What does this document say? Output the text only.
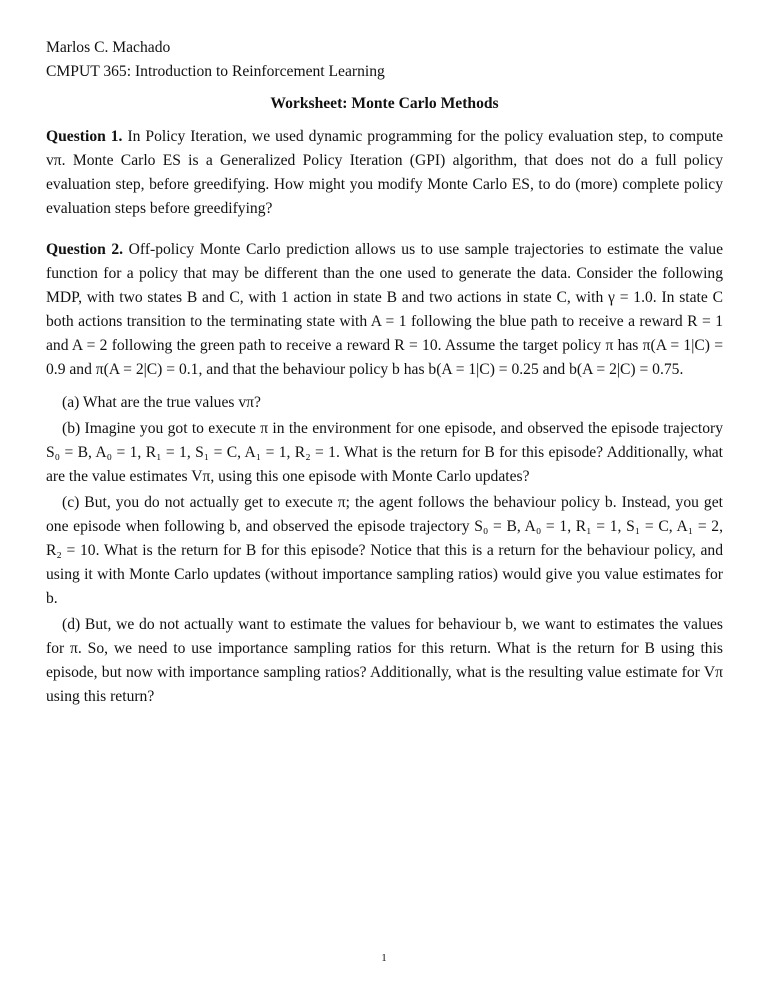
Marlos C. Machado
CMPUT 365: Introduction to Reinforcement Learning
Worksheet: Monte Carlo Methods

Question 1. In Policy Iteration, we used dynamic programming for the policy evaluation step, to compute vπ. Monte Carlo ES is a Generalized Policy Iteration (GPI) algorithm, that does not do a full policy evaluation step, before greedifying. How might you modify Monte Carlo ES, to do (more) complete policy evaluation steps before greedifying?

Question 2. Off-policy Monte Carlo prediction allows us to use sample trajectories to estimate the value function for a policy that may be different than the one used to generate the data. Consider the following MDP, with two states B and C, with 1 action in state B and two actions in state C, with γ = 1.0. In state C both actions transition to the terminating state with A = 1 following the blue path to receive a reward R = 1 and A = 2 following the green path to receive a reward R = 10. Assume the target policy π has π(A = 1|C) = 0.9 and π(A = 2|C) = 0.1, and that the behaviour policy b has b(A = 1|C) = 0.25 and b(A = 2|C) = 0.75.

(a) What are the true values vπ?

(b) Imagine you got to execute π in the environment for one episode, and observed the episode trajectory S₀ = B, A₀ = 1, R₁ = 1, S₁ = C, A₁ = 1, R₂ = 1. What is the return for B for this episode? Additionally, what are the value estimates Vπ, using this one episode with Monte Carlo updates?

(c) But, you do not actually get to execute π; the agent follows the behaviour policy b. Instead, you get one episode when following b, and observed the episode trajectory S₀ = B, A₀ = 1, R₁ = 1, S₁ = C, A₁ = 2, R₂ = 10. What is the return for B for this episode? Notice that this is a return for the behaviour policy, and using it with Monte Carlo updates (without importance sampling ratios) would give you value estimates for b.

(d) But, we do not actually want to estimate the values for behaviour b, we want to estimates the values for π. So, we need to use importance sampling ratios for this return. What is the return for B using this episode, but now with importance sampling ratios? Additionally, what is the resulting value estimate for Vπ using this return?

1
